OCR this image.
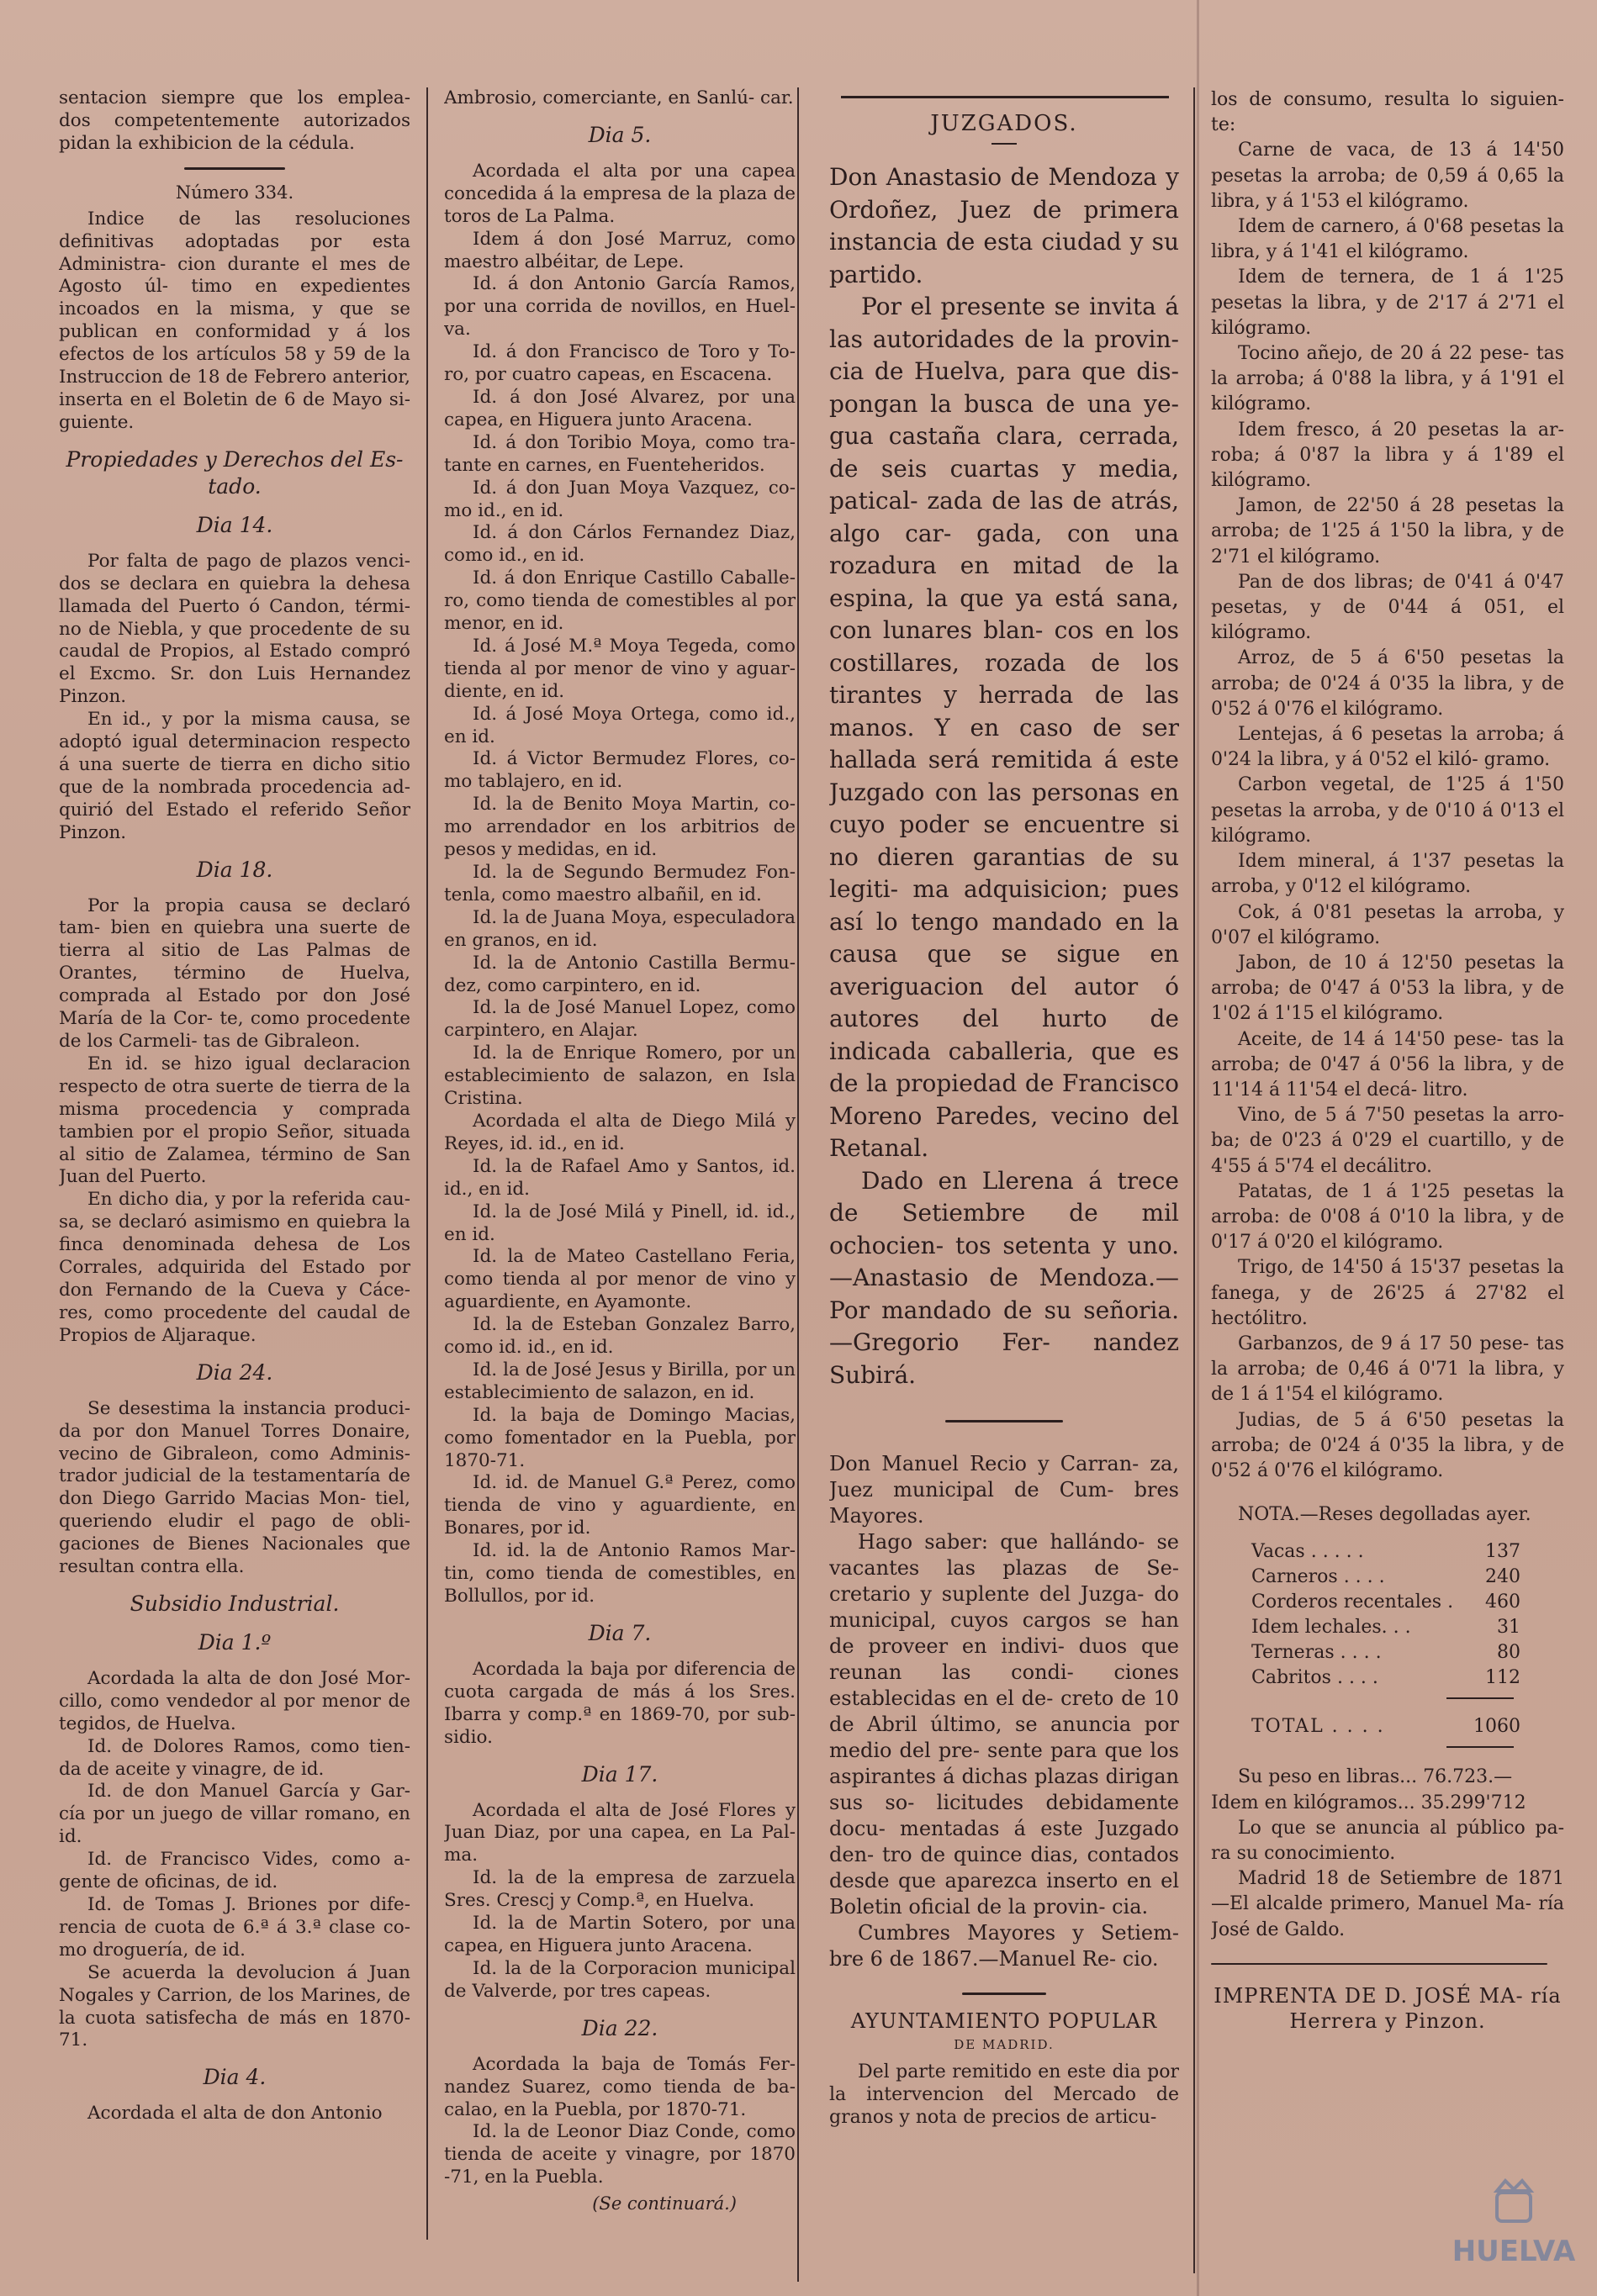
sentacion siempre que los emplea- dos competentemente autorizados pidan la exhibicion de la cédula.

Número 334.

Indice de las resoluciones definitivas adoptadas por esta Administra- cion durante el mes de Agosto úl- timo en expedientes incoados en la misma, y que se publican en conformidad y á los efectos de los artículos 58 y 59 de la Instruccion de 18 de Febrero anterior, inserta en el Boletin de 6 de Mayo si- guiente.

Propiedades y Derechos del Es- tado.
Dia 14.

Por falta de pago de plazos venci- dos se declara en quiebra la dehesa llamada del Puerto ó Candon, térmi- no de Niebla, y que procedente de su caudal de Propios, al Estado compró el Excmo. Sr. don Luis Hernandez Pinzon.

En id., y por la misma causa, se adoptó igual determinacion respecto á una suerte de tierra en dicho sitio que de la nombrada procedencia ad- quirió del Estado el referido Señor Pinzon.

Dia 18.

Por la propia causa se declaró tam- bien en quiebra una suerte de tierra al sitio de Las Palmas de Orantes, término de Huelva, comprada al Estado por don José María de la Cor- te, como procedente de los Carmeli- tas de Gibraleon.

En id. se hizo igual declaracion respecto de otra suerte de tierra de la misma procedencia y comprada tambien por el propio Señor, situada al sitio de Zalamea, término de San Juan del Puerto.

En dicho dia, y por la referida cau- sa, se declaró asimismo en quiebra la finca denominada dehesa de Los Corrales, adquirida del Estado por don Fernando de la Cueva y Cáce- res, como procedente del caudal de Propios de Aljaraque.

Dia 24.

Se desestima la instancia produci- da por don Manuel Torres Donaire, vecino de Gibraleon, como Adminis- trador judicial de la testamentaría de don Diego Garrido Macias Mon- tiel, queriendo eludir el pago de obli- gaciones de Bienes Nacionales que resultan contra ella.

Subsidio Industrial.
Dia 1.º

Acordada la alta de don José Mor- cillo, como vendedor al por menor de tegidos, de Huelva.

Id. de Dolores Ramos, como tien- da de aceite y vinagre, de id.

Id. de don Manuel García y Gar- cía por un juego de villar romano, en id.

Id. de Francisco Vides, como a- gente de oficinas, de id.

Id. de Tomas J. Briones por dife- rencia de cuota de 6.ª á 3.ª clase co- mo droguería, de id.

Se acuerda la devolucion á Juan Nogales y Carrion, de los Marines, de la cuota satisfecha de más en 1870-71.

Dia 4.

Acordada el alta de don Antonio

Ambrosio, comerciante, en Sanlú- car.

Dia 5.

Acordada el alta por una capea concedida á la empresa de la plaza de toros de La Palma.

Idem á don José Marruz, como maestro albéitar, de Lepe.

Id. á don Antonio García Ramos, por una corrida de novillos, en Huel- va.

Id. á don Francisco de Toro y To- ro, por cuatro capeas, en Escacena.

Id. á don José Alvarez, por una capea, en Higuera junto Aracena.

Id. á don Toribio Moya, como tra- tante en carnes, en Fuenteheridos.

Id. á don Juan Moya Vazquez, co- mo id., en id.

Id. á don Cárlos Fernandez Diaz, como id., en id.

Id. á don Enrique Castillo Caballe- ro, como tienda de comestibles al por menor, en id.

Id. á José M.ª Moya Tegeda, como tienda al por menor de vino y aguar- diente, en id.

Id. á José Moya Ortega, como id., en id.

Id. á Victor Bermudez Flores, co- mo tablajero, en id.

Id. la de Benito Moya Martin, co- mo arrendador en los arbitrios de pesos y medidas, en id.

Id. la de Segundo Bermudez Fon- tenla, como maestro albañil, en id.

Id. la de Juana Moya, especuladora en granos, en id.

Id. la de Antonio Castilla Bermu- dez, como carpintero, en id.

Id. la de José Manuel Lopez, como carpintero, en Alajar.

Id. la de Enrique Romero, por un establecimiento de salazon, en Isla Cristina.

Acordada el alta de Diego Milá y Reyes, id. id., en id.

Id. la de Rafael Amo y Santos, id. id., en id.

Id. la de José Milá y Pinell, id. id., en id.

Id. la de Mateo Castellano Feria, como tienda al por menor de vino y aguardiente, en Ayamonte.

Id. la de Esteban Gonzalez Barro, como id. id., en id.

Id. la de José Jesus y Birilla, por un establecimiento de salazon, en id.

Id. la baja de Domingo Macias, como fomentador en la Puebla, por 1870-71.

Id. id. de Manuel G.ª Perez, como tienda de vino y aguardiente, en Bonares, por id.

Id. id. la de Antonio Ramos Mar- tin, como tienda de comestibles, en Bollullos, por id.

Dia 7.

Acordada la baja por diferencia de cuota cargada de más á los Sres. Ibarra y comp.ª en 1869-70, por sub- sidio.

Dia 17.

Acordada el alta de José Flores y Juan Diaz, por una capea, en La Pal- ma.

Id. la de la empresa de zarzuela Sres. Crescj y Comp.ª, en Huelva.

Id. la de Martin Sotero, por una capea, en Higuera junto Aracena.

Id. la de la Corporacion municipal de Valverde, por tres capeas.

Dia 22.

Acordada la baja de Tomás Fer- nandez Suarez, como tienda de ba- calao, en la Puebla, por 1870-71.

Id. la de Leonor Diaz Conde, como tienda de aceite y vinagre, por 1870 -71, en la Puebla.

(Se continuará.)
JUZGADOS.

Don Anastasio de Mendoza y Ordoñez, Juez de primera instancia de esta ciudad y su partido.

Por el presente se invita á las autoridades de la provin- cia de Huelva, para que dis- pongan la busca de una ye- gua castaña clara, cerrada, de seis cuartas y media, patical- zada de las de atrás, algo car- gada, con una rozadura en mitad de la espina, la que ya está sana, con lunares blan- cos en los costillares, rozada de los tirantes y herrada de las manos. Y en caso de ser hallada será remitida á este Juzgado con las personas en cuyo poder se encuentre si no dieren garantias de su legiti- ma adquisicion; pues así lo tengo mandado en la causa que se sigue en averiguacion del autor ó autores del hurto de indicada caballeria, que es de la propiedad de Francisco Moreno Paredes, vecino del Retanal.

Dado en Llerena á trece de Setiembre de mil ochocien- tos setenta y uno.—Anastasio de Mendoza.—Por mandado de su señoria.—Gregorio Fer- nandez Subirá.

Don Manuel Recio y Carran- za, Juez municipal de Cum- bres Mayores.

Hago saber: que hallándo- se vacantes las plazas de Se- cretario y suplente del Juzga- do municipal, cuyos cargos se han de proveer en indivi- duos que reunan las condi- ciones establecidas en el de- creto de 10 de Abril último, se anuncia por medio del pre- sente para que los aspirantes á dichas plazas dirigan sus so- licitudes debidamente docu- mentadas á este Juzgado den- tro de quince dias, contados desde que aparezca inserto en el Boletin oficial de la provin- cia.

Cumbres Mayores y Setiem- bre 6 de 1867.—Manuel Re- cio.

AYUNTAMIENTO POPULAR
DE MADRID.

Del parte remitido en este dia por la intervencion del Mercado de granos y nota de precios de articu-

los de consumo, resulta lo siguien- te:

Carne de vaca, de 13 á 14'50 pesetas la arroba; de 0,59 á 0,65 la libra, y á 1'53 el kilógramo.

Idem de carnero, á 0'68 pesetas la libra, y á 1'41 el kilógramo.

Idem de ternera, de 1 á 1'25 pesetas la libra, y de 2'17 á 2'71 el kilógramo.

Tocino añejo, de 20 á 22 pese- tas la arroba; á 0'88 la libra, y á 1'91 el kilógramo.

Idem fresco, á 20 pesetas la ar- roba; á 0'87 la libra y á 1'89 el kilógramo.

Jamon, de 22'50 á 28 pesetas la arroba; de 1'25 á 1'50 la libra, y de 2'71 el kilógramo.

Pan de dos libras; de 0'41 á 0'47 pesetas, y de 0'44 á 051, el kilógramo.

Arroz, de 5 á 6'50 pesetas la arroba; de 0'24 á 0'35 la libra, y de 0'52 á 0'76 el kilógramo.

Lentejas, á 6 pesetas la arroba; á 0'24 la libra, y á 0'52 el kiló- gramo.

Carbon vegetal, de 1'25 á 1'50 pesetas la arroba, y de 0'10 á 0'13 el kilógramo.

Idem mineral, á 1'37 pesetas la arroba, y 0'12 el kilógramo.

Cok, á 0'81 pesetas la arroba, y 0'07 el kilógramo.

Jabon, de 10 á 12'50 pesetas la arroba; de 0'47 á 0'53 la libra, y de 1'02 á 1'15 el kilógramo.

Aceite, de 14 á 14'50 pese- tas la arroba; de 0'47 á 0'56 la libra, y de 11'14 á 11'54 el decá- litro.

Vino, de 5 á 7'50 pesetas la arro- ba; de 0'23 á 0'29 el cuartillo, y de 4'55 á 5'74 el decálitro.

Patatas, de 1 á 1'25 pesetas la arroba: de 0'08 á 0'10 la libra, y de 0'17 á 0'20 el kilógramo.

Trigo, de 14'50 á 15'37 pesetas la fanega, y de 26'25 á 27'82 el hectólitro.

Garbanzos, de 9 á 17 50 pese- tas la arroba; de 0,46 á 0'71 la libra, y de 1 á 1'54 el kilógramo.

Judias, de 5 á 6'50 pesetas la arroba; de 0'24 á 0'35 la libra, y de 0'52 á 0'76 el kilógramo.

NOTA.—Reses degolladas ayer.

Vacas . . . . .	137
Carneros . . . .	240
Corderos recentales .	460
Idem lechales. . .	31
Terneras . . . .	80
Cabritos . . . .	112
TOTAL . . . .	1060

Su peso en libras... 76.723.—

Idem en kilógramos... 35.299'712

Lo que se anuncia al público pa- ra su conocimiento.

Madrid 18 de Setiembre de 1871 —El alcalde primero, Manuel Ma- ría José de Galdo.

IMPRENTA DE D. JOSÉ MA- ría Herrera y Pinzon.
HUELVA
